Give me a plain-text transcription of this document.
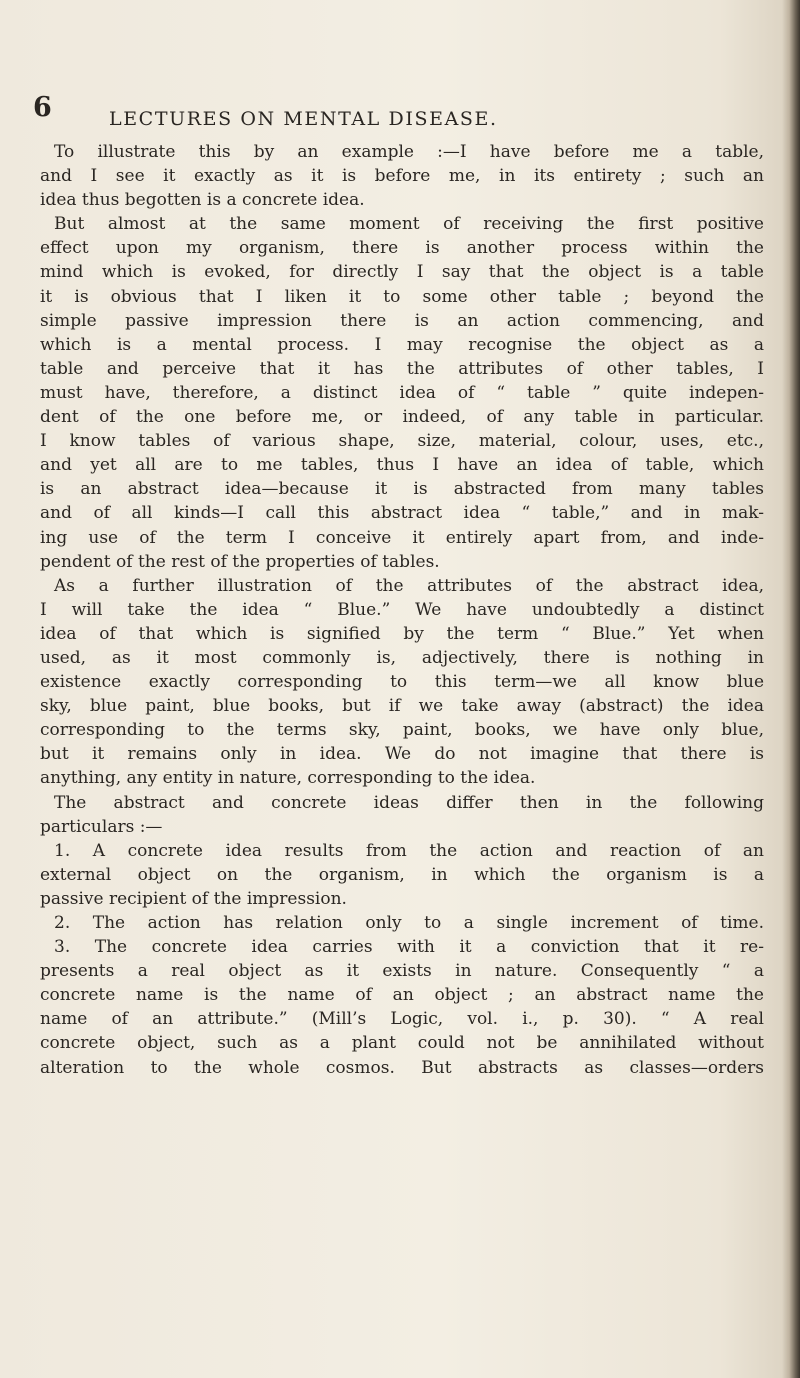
6	LECTURES ON MENTAL DISEASE.
To illustrate this by an example :—I have before me a table,
and I see it exactly as it is before me, in its entirety ; such an
idea thus begotten is a concrete idea.
But almost at the same moment of receiving the first positive
effect upon my organism, there is another process within the
mind which is evoked, for directly I say that the object is a table
it is obvious that I liken it to some other table ; beyond the
simple passive impression there is an action commencing, and
which is a mental process. I may recognise the object as a
table and perceive that it has the attributes of other tables, I
must have, therefore, a distinct idea of “ table ” quite indepen-
dent of the one before me, or indeed, of any table in particular.
I know tables of various shape, size, material, colour, uses, etc.,
and yet all are to me tables, thus I have an idea of table, which
is an abstract idea—because it is abstracted from many tables
and of all kinds—I call this abstract idea “ table,” and in mak-
ing use of the term I conceive it entirely apart from, and inde-
pendent of the rest of the properties of tables.
As a further illustration of the attributes of the abstract idea,
I will take the idea “ Blue.” We have undoubtedly a distinct
idea of that which is signified by the term “ Blue.” Yet when
used, as it most commonly is, adjectively, there is nothing in
existence exactly corresponding to this term—we all know blue
sky, blue paint, blue books, but if we take away (abstract) the idea
corresponding to the terms sky, paint, books, we have only blue,
but it remains only in idea. We do not imagine that there is
anything, any entity in nature, corresponding to the idea.
The abstract and concrete ideas differ then in the following
particulars :—
1. A concrete idea results from the action and reaction of an
external object on the organism, in which the organism is a
passive recipient of the impression.
2. The action has relation only to a single increment of time.
3. The concrete idea carries with it a conviction that it re-
presents a real object as it exists in nature. Consequently “ a
concrete name is the name of an object ; an abstract name the
name of an attribute.” (Mill’s Logic, vol. i., p. 30). “ A real
concrete object, such as a plant could not be annihilated without
alteration to the whole cosmos. But abstracts as classes—orders
